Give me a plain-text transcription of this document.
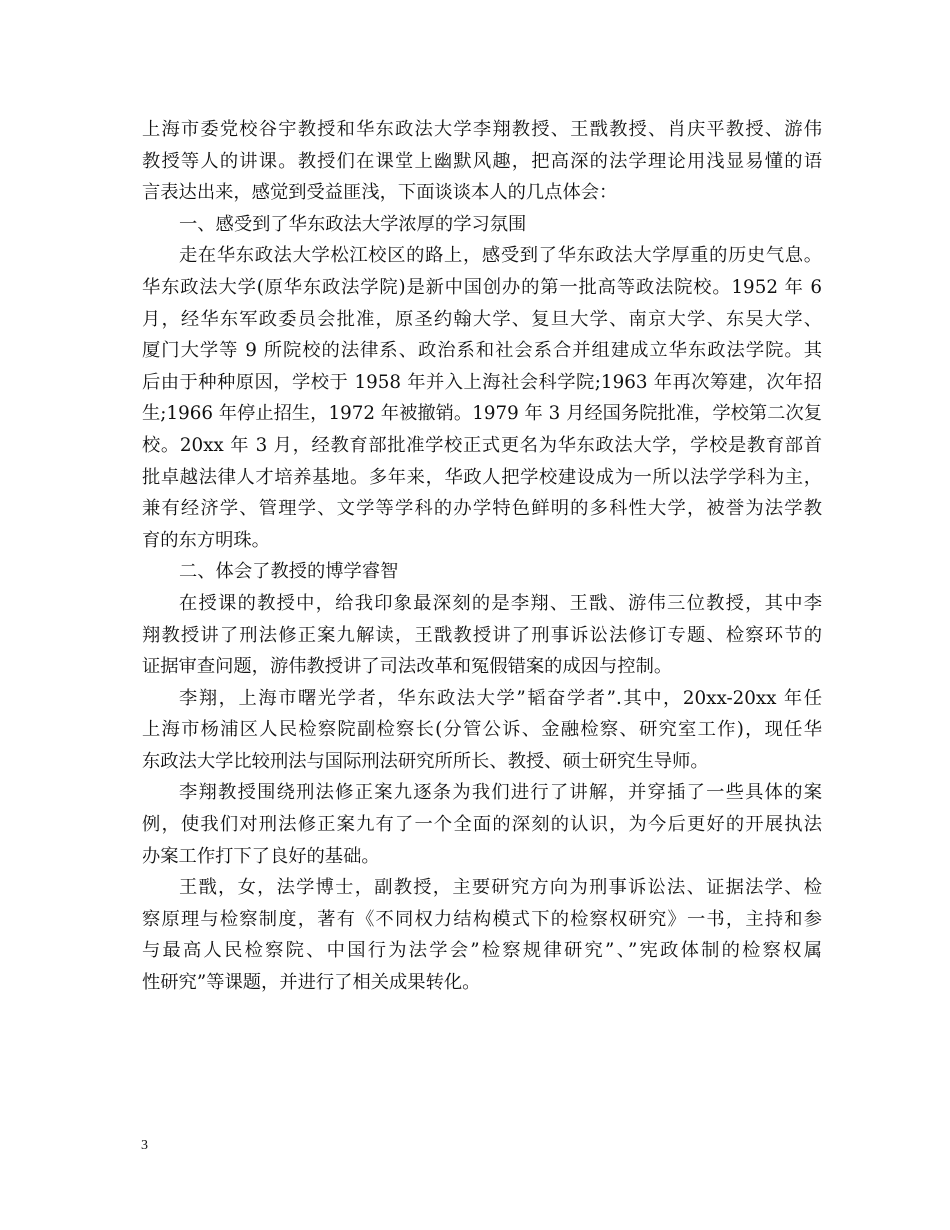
上海市委党校谷宇教授和华东政法大学李翔教授、王戬教授、肖庆平教授、游伟
教授等人的讲课。教授们在课堂上幽默风趣，把高深的法学理论用浅显易懂的语
言表达出来，感觉到受益匪浅，下面谈谈本人的几点体会：
一、感受到了华东政法大学浓厚的学习氛围
走在华东政法大学松江校区的路上，感受到了华东政法大学厚重的历史气息。
华东政法大学(原华东政法学院)是新中国创办的第一批高等政法院校。1952 年 6
月，经华东军政委员会批准，原圣约翰大学、复旦大学、南京大学、东吴大学、
厦门大学等 9 所院校的法律系、政治系和社会系合并组建成立华东政法学院。其
后由于种种原因，学校于 1958 年并入上海社会科学院;1963 年再次筹建，次年招
生;1966 年停止招生，1972 年被撤销。1979 年 3 月经国务院批准，学校第二次复
校。20xx 年 3 月，经教育部批准学校正式更名为华东政法大学，学校是教育部首
批卓越法律人才培养基地。多年来，华政人把学校建设成为一所以法学学科为主，
兼有经济学、管理学、文学等学科的办学特色鲜明的多科性大学，被誉为法学教
育的东方明珠。
二、体会了教授的博学睿智
在授课的教授中，给我印象最深刻的是李翔、王戬、游伟三位教授，其中李
翔教授讲了刑法修正案九解读，王戬教授讲了刑事诉讼法修订专题、检察环节的
证据审查问题，游伟教授讲了司法改革和冤假错案的成因与控制。
李翔，上海市曙光学者，华东政法大学”韬奋学者”.其中，20xx-20xx 年任
上海市杨浦区人民检察院副检察长(分管公诉、金融检察、研究室工作)，现任华
东政法大学比较刑法与国际刑法研究所所长、教授、硕士研究生导师。
李翔教授围绕刑法修正案九逐条为我们进行了讲解，并穿插了一些具体的案
例，使我们对刑法修正案九有了一个全面的深刻的认识，为今后更好的开展执法
办案工作打下了良好的基础。
王戬，女，法学博士，副教授，主要研究方向为刑事诉讼法、证据法学、检
察原理与检察制度，著有《不同权力结构模式下的检察权研究》一书，主持和参
与最高人民检察院、中国行为法学会”检察规律研究”、”宪政体制的检察权属
性研究”等课题，并进行了相关成果转化。
3
